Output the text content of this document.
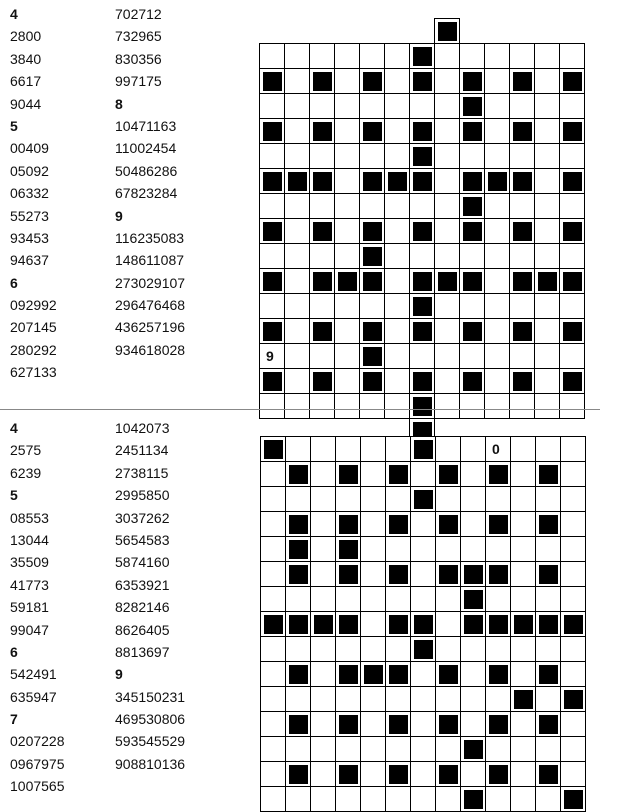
4
2800
3840
6617
9044
5
00409
05092
06332
55273
93453
94637
6
092992
207145
280292
627133
702712
732965
830356
997175
8
10471163
11002454
50486286
67823284
9
116235083
148611087
273029107
296476468
436257196
934618028	9
4
2575
6239
5
08553
13044
35509
41773
59181
99047
6
542491
635947
7
0207228
0967975
1007565
1042073
2451134
2738115
2995850
3037262
5654583
5874160
6353921
8282146
8626405
8813697
9
345150231
469530806
593545529
908810136
0
